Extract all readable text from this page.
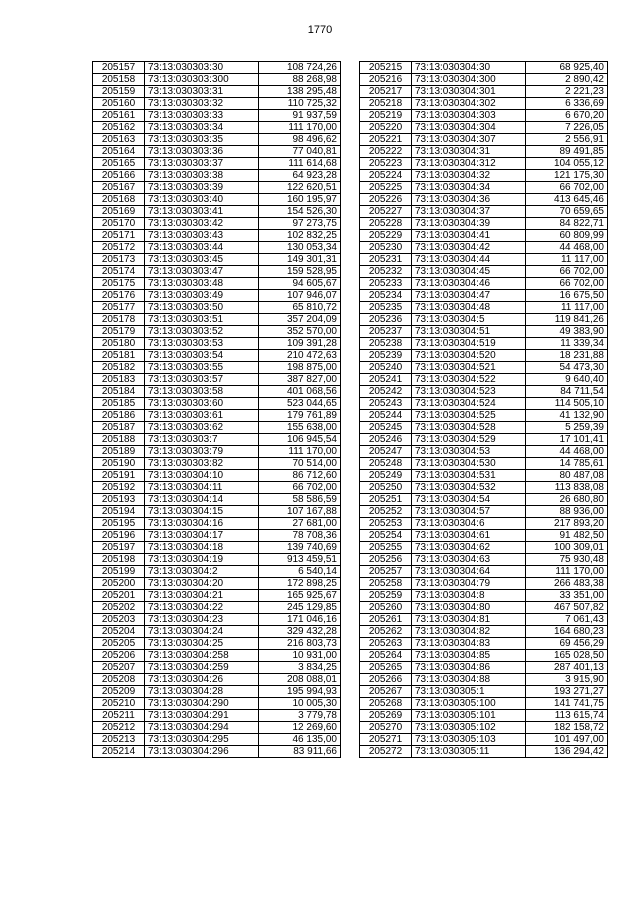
1770
205157	73:13:030303:30	108 724,26
205158	73:13:030303:300	88 268,98
205159	73:13:030303:31	138 295,48
205160	73:13:030303:32	110 725,32
205161	73:13:030303:33	91 937,59
205162	73:13:030303:34	111 170,00
205163	73:13:030303:35	98 496,62
205164	73:13:030303:36	77 040,81
205165	73:13:030303:37	111 614,68
205166	73:13:030303:38	64 923,28
205167	73:13:030303:39	122 620,51
205168	73:13:030303:40	160 195,97
205169	73:13:030303:41	154 526,30
205170	73:13:030303:42	97 273,75
205171	73:13:030303:43	102 832,25
205172	73:13:030303:44	130 053,34
205173	73:13:030303:45	149 301,31
205174	73:13:030303:47	159 528,95
205175	73:13:030303:48	94 605,67
205176	73:13:030303:49	107 946,07
205177	73:13:030303:50	65 810,72
205178	73:13:030303:51	357 204,09
205179	73:13:030303:52	352 570,00
205180	73:13:030303:53	109 391,28
205181	73:13:030303:54	210 472,63
205182	73:13:030303:55	198 875,00
205183	73:13:030303:57	387 827,00
205184	73:13:030303:58	401 068,56
205185	73:13:030303:60	523 044,65
205186	73:13:030303:61	179 761,89
205187	73:13:030303:62	155 638,00
205188	73:13:030303:7	106 945,54
205189	73:13:030303:79	111 170,00
205190	73:13:030303:82	70 514,00
205191	73:13:030304:10	86 712,60
205192	73:13:030304:11	66 702,00
205193	73:13:030304:14	58 586,59
205194	73:13:030304:15	107 167,88
205195	73:13:030304:16	27 681,00
205196	73:13:030304:17	78 708,36
205197	73:13:030304:18	139 740,69
205198	73:13:030304:19	913 459,51
205199	73:13:030304:2	6 540,14
205200	73:13:030304:20	172 898,25
205201	73:13:030304:21	165 925,67
205202	73:13:030304:22	245 129,85
205203	73:13:030304:23	171 046,16
205204	73:13:030304:24	329 432,28
205205	73:13:030304:25	216 803,73
205206	73:13:030304:258	10 931,00
205207	73:13:030304:259	3 834,25
205208	73:13:030304:26	208 088,01
205209	73:13:030304:28	195 994,93
205210	73:13:030304:290	10 005,30
205211	73:13:030304:291	3 779,78
205212	73:13:030304:294	12 269,60
205213	73:13:030304:295	46 135,00
205214	73:13:030304:296	83 911,66
205215	73:13:030304:30	68 925,40
205216	73:13:030304:300	2 890,42
205217	73:13:030304:301	2 221,23
205218	73:13:030304:302	6 336,69
205219	73:13:030304:303	6 670,20
205220	73:13:030304:304	7 226,05
205221	73:13:030304:307	2 556,91
205222	73:13:030304:31	89 491,85
205223	73:13:030304:312	104 055,12
205224	73:13:030304:32	121 175,30
205225	73:13:030304:34	66 702,00
205226	73:13:030304:36	413 645,46
205227	73:13:030304:37	70 659,65
205228	73:13:030304:39	84 822,71
205229	73:13:030304:41	60 809,99
205230	73:13:030304:42	44 468,00
205231	73:13:030304:44	11 117,00
205232	73:13:030304:45	66 702,00
205233	73:13:030304:46	66 702,00
205234	73:13:030304:47	16 675,50
205235	73:13:030304:48	11 117,00
205236	73:13:030304:5	119 841,26
205237	73:13:030304:51	49 383,90
205238	73:13:030304:519	11 339,34
205239	73:13:030304:520	18 231,88
205240	73:13:030304:521	54 473,30
205241	73:13:030304:522	9 640,40
205242	73:13:030304:523	84 711,54
205243	73:13:030304:524	114 505,10
205244	73:13:030304:525	41 132,90
205245	73:13:030304:528	5 259,39
205246	73:13:030304:529	17 101,41
205247	73:13:030304:53	44 468,00
205248	73:13:030304:530	14 785,61
205249	73:13:030304:531	80 487,08
205250	73:13:030304:532	113 838,08
205251	73:13:030304:54	26 680,80
205252	73:13:030304:57	88 936,00
205253	73:13:030304:6	217 893,20
205254	73:13:030304:61	91 482,50
205255	73:13:030304:62	100 309,01
205256	73:13:030304:63	75 930,48
205257	73:13:030304:64	111 170,00
205258	73:13:030304:79	266 483,38
205259	73:13:030304:8	33 351,00
205260	73:13:030304:80	467 507,82
205261	73:13:030304:81	7 061,43
205262	73:13:030304:82	164 680,23
205263	73:13:030304:83	69 456,29
205264	73:13:030304:85	165 028,50
205265	73:13:030304:86	287 401,13
205266	73:13:030304:88	3 915,90
205267	73:13:030305:1	193 271,27
205268	73:13:030305:100	141 741,75
205269	73:13:030305:101	113 615,74
205270	73:13:030305:102	182 158,72
205271	73:13:030305:103	101 497,00
205272	73:13:030305:11	136 294,42
